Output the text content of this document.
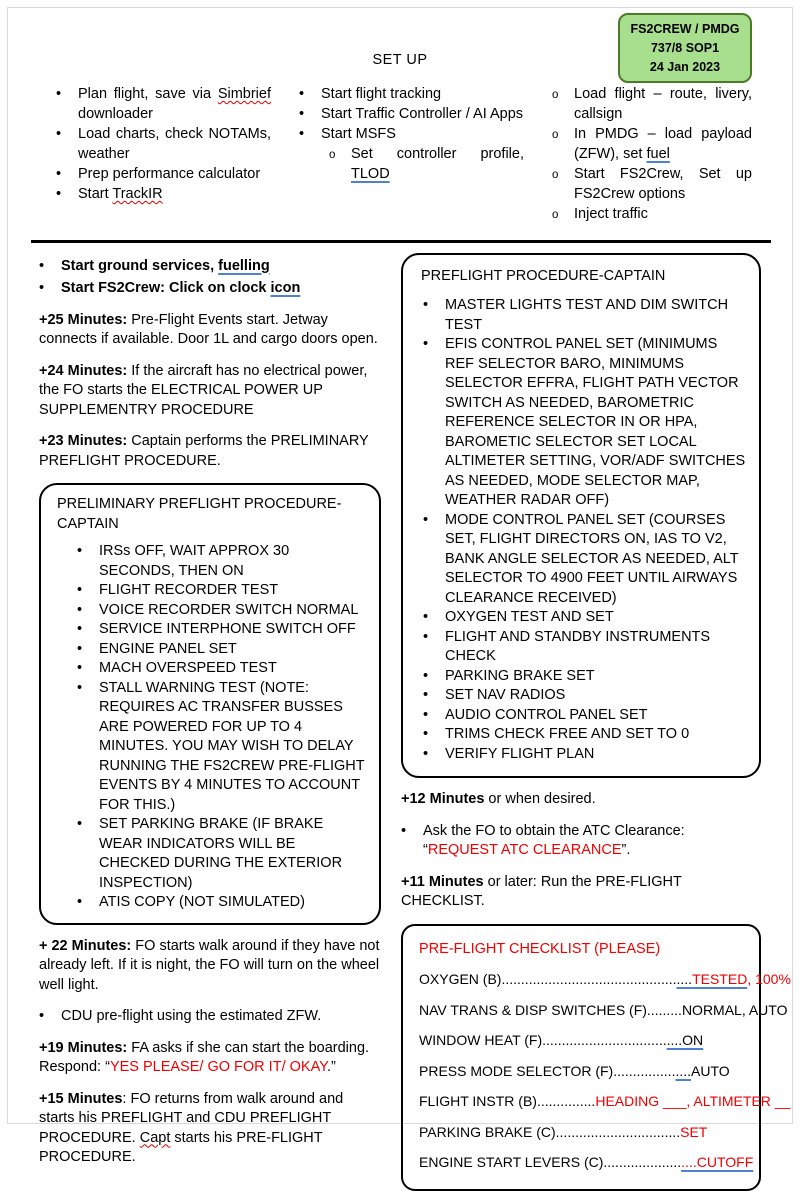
FS2CREW / PMDG
737/8 SOP1
24 Jan 2023
SET UP
•	Plan flight, save via Simbrief downloader
•	Load charts, check NOTAMs, weather
•	Prep performance calculator
•	Start TrackIR
•	Start flight tracking
•	Start Traffic Controller / AI Apps
•	Start MSFS
o	Set controller profile, TLOD
o	Load flight – route, livery, callsign
o	In PMDG – load payload (ZFW), set fuel
o	Start FS2Crew, Set up FS2Crew options
o	Inject traffic
•	Start ground services, fuelling
•	Start FS2Crew: Click on clock icon
+25 Minutes: Pre-Flight Events start. Jetway connects if available. Door 1L and cargo doors open.
+24 Minutes: If the aircraft has no electrical power, the FO starts the ELECTRICAL POWER UP SUPPLEMENTRY PROCEDURE
+23 Minutes: Captain performs the PRELIMINARY PREFLIGHT PROCEDURE.
PRELIMINARY PREFLIGHT PROCEDURE-CAPTAIN
•	IRSs OFF, WAIT APPROX 30 SECONDS, THEN ON
•	FLIGHT RECORDER TEST
•	VOICE RECORDER SWITCH NORMAL
•	SERVICE INTERPHONE SWITCH OFF
•	ENGINE PANEL SET
•	MACH OVERSPEED TEST
•	STALL WARNING TEST (NOTE: REQUIRES AC TRANSFER BUSSES ARE POWERED FOR UP TO 4 MINUTES. YOU MAY WISH TO DELAY RUNNING THE FS2CREW PRE-FLIGHT EVENTS BY 4 MINUTES TO ACCOUNT FOR THIS.)
•	SET PARKING BRAKE (IF BRAKE WEAR INDICATORS WILL BE CHECKED DURING THE EXTERIOR INSPECTION)
•	ATIS COPY (NOT SIMULATED)
+ 22 Minutes: FO starts walk around if they have not already left. If it is night, the FO will turn on the wheel well light.
•	CDU pre-flight using the estimated ZFW.
+19 Minutes: FA asks if she can start the boarding. Respond: “YES PLEASE/ GO FOR IT/ OKAY.”
+15 Minutes: FO returns from walk around and starts his PREFLIGHT and CDU PREFLIGHT PROCEDURE. Capt starts his PRE-FLIGHT PROCEDURE.
PREFLIGHT PROCEDURE-CAPTAIN
•	MASTER LIGHTS TEST AND DIM SWITCH TEST
•	EFIS CONTROL PANEL SET (MINIMUMS REF SELECTOR BARO, MINIMUMS SELECTOR EFFRA, FLIGHT PATH VECTOR SWITCH AS NEEDED, BAROMETRIC REFERENCE SELECTOR IN OR HPA, BAROMETIC SELECTOR SET LOCAL ALTIMETER SETTING, VOR/ADF SWITCHES AS NEEDED, MODE SELECTOR MAP, WEATHER RADAR OFF)
•	MODE CONTROL PANEL SET (COURSES SET, FLIGHT DIRECTORS ON, IAS TO V2, BANK ANGLE SELECTOR AS NEEDED, ALT SELECTOR TO 4900 FEET UNTIL AIRWAYS CLEARANCE RECEIVED)
•	OXYGEN TEST AND SET
•	FLIGHT AND STANDBY INSTRUMENTS CHECK
•	PARKING BRAKE SET
•	SET NAV RADIOS
•	AUDIO CONTROL PANEL SET
•	TRIMS CHECK FREE AND SET TO 0
•	VERIFY FLIGHT PLAN
+12 Minutes or when desired.
•	Ask the FO to obtain the ATC Clearance: “REQUEST ATC CLEARANCE”.
+11 Minutes or later: Run the PRE-FLIGHT CHECKLIST.
PRE-FLIGHT CHECKLIST (PLEASE)
OXYGEN (B).................................................TESTED, 100%
NAV TRANS & DISP SWITCHES (F).........NORMAL, AUTO
WINDOW HEAT (F)....................................ON
PRESS MODE SELECTOR (F)....................AUTO
FLIGHT INSTR (B)...............HEADING ___, ALTIMETER __
PARKING BRAKE (C)................................SET
ENGINE START LEVERS (C)........................CUTOFF
